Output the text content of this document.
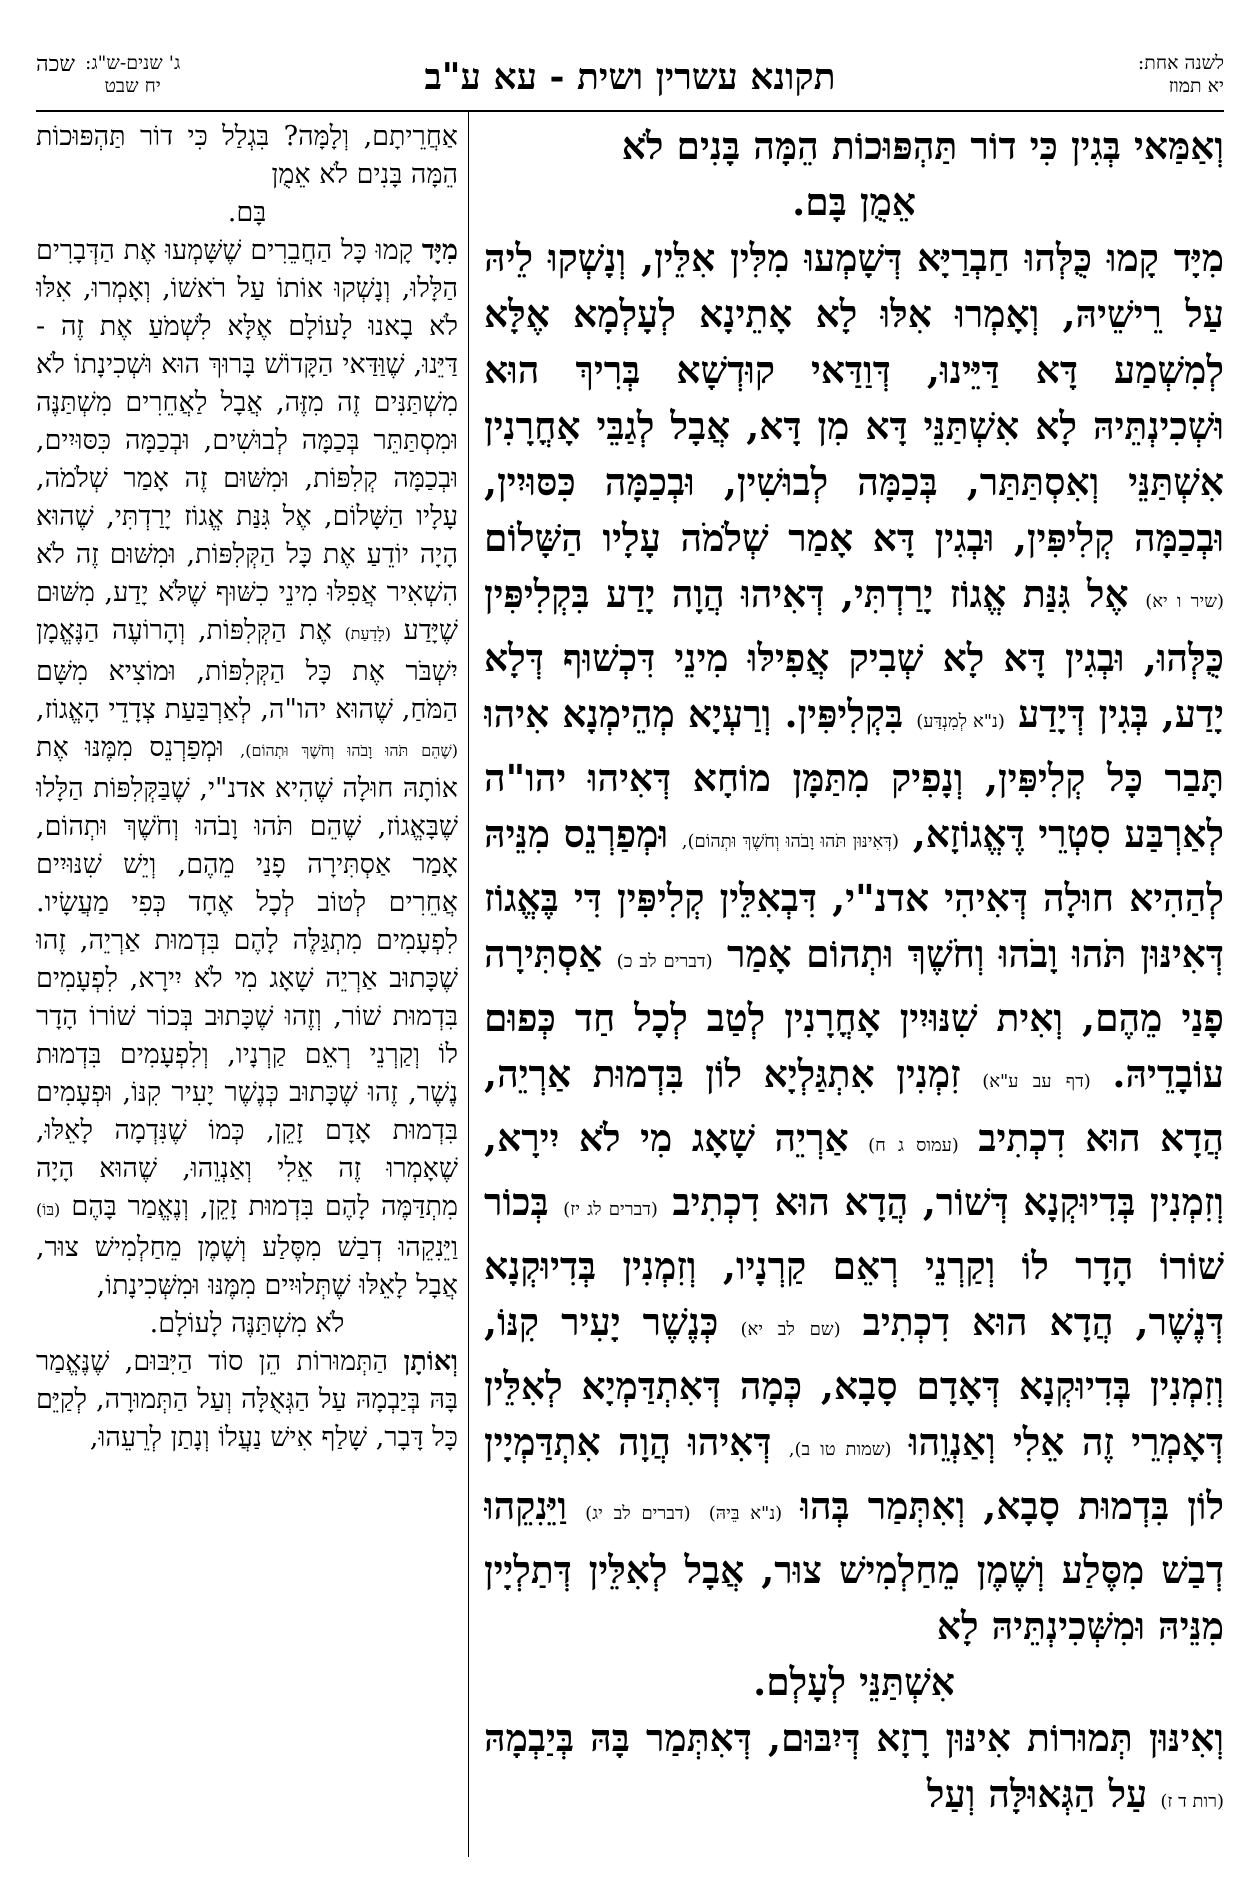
לשנה אחת:
יא תמוז
תקונא עשרין ושית - עא ע"ב
ג' שנים-ש"ג:
יח שבט
שכה

וְאַמַּאי בְּגִין כִּי דוֹר תַּהְפּוּכוֹת הֵמָּה בָּנִים לֹא

אֵמֻן בָּם.

מִיָּד קָמוּ כֻּלְּהוּ חַבְרַיָּא דְּשָׁמְעוּ מִלִּין אִלֵּין, וְנָשְׁקוּ לֵיהּ עַל רֵישֵׁיהּ, וְאָמְרוּ אִלּוּ לָא אָתֵינָא לְעָלְמָא אֶלָּא לְמִשְׁמַע דָּא דַּיֵּינוּ, דְּוַדַּאי קוּדְשָׁא בְּרִיךְ הוּא וּשְׁכִינְתֵּיהּ לָא אִשְׁתַּנֵּי דָּא מִן דָּא, אֲבָל לְגַבֵּי אָחֳרָנִין אִשְׁתַּנֵּי וְאִסְתַּתַּר, בְּכַמָּה לְבוּשִׁין, וּבְכַמָּה כִּסּוּיִין, וּבְכַמָּה קְלִיפִּין, וּבְגִין דָּא אָמַר שְׁלֹמֹה עָלָיו הַשָּׁלוֹם (שיר ו יא) אֶל גִּנַּת אֱגוֹז יָרַדְתִּי, דְּאִיהוּ הֲוָה יָדַע בִּקְלִיפִּין כֻּלְּהוּ, וּבְגִין דָּא לָא שְׁבִיק אֲפִילּוּ מִינֵי דִּכְשׁוּף דְּלָא יָדַע, בְּגִין דְּיָדַע (נ"א לְמִנְדַּע) בִּקְלִיפִּין. וְרַעְיָא מְהֵימְנָא אִיהוּ תָּבַר כָּל קְלִיפִּין, וְנָפִיק מִתַּמָּן מוֹחָא דְּאִיהוּ יהו"ה לְאַרְבַּע סִטְרֵי דֶּאֱגוֹזָא, (דְּאִינּוּן תֹּהוּ וָבֹהוּ וְחֹשֶׁךְ וּתְהוֹם), וּמְפַרְנֵס מִנֵּיהּ לְהַהִיא חוּלָה דְּאִיהִי אדנ"י, דִּבְאִלֵּין קְלִיפִּין דִּי בֶּאֱגוֹז דְּאִינּוּן תֹּהוּ וָבֹהוּ וְחֹשֶׁךְ וּתְהוֹם אָמַר (דברים לב כ) אַסְתִּירָה פָנַי מֵהֶם, וְאִית שִׁנּוּיִין אָחֳרָנִין לְטַב לְכָל חַד כְּפוּם עוֹבָדֵיהּ. (דף עב ע"א) זִמְנִין אִתְגַּלְיָא לוֹן בִּדְמוּת אַרְיֵה, הֲדָא הוּא דִכְתִיב (עמוס ג ח) אַרְיֵה שָׁאָג מִי לֹא יִירָא, וְזִמְנִין בְּדִיוּקְנָא דְּשׁוֹר, הֲדָא הוּא דִכְתִיב (דברים לג יז) בְּכוֹר שׁוֹרוֹ הָדָר לוֹ וְקַרְנֵי רְאֵם קַרְנָיו, וְזִמְנִין בְּדִיוּקְנָא דְּנֶשֶׁר, הֲדָא הוּא דִכְתִיב (שם לב יא) כְּנֶשֶׁר יָעִיר קִנּוֹ, וְזִמְנִין בְּדִיוּקְנָא דְּאָדָם סָבָא, כְּמָה דְּאִתְדַּמְיָא לְאִלֵּין דְּאָמְרֵי זֶה אֵלִי וְאַנְוֵהוּ (שמות טו ב), דְּאִיהוּ הֲוָה אִתְדַּמְיָין לוֹן בִּדְמוּת סָבָא, וְאִתְּמַר בְּהוּ (נ"א בֵּיהּ) (דברים לב יג) וַיֵּנִקֵהוּ דְבַשׁ מִסֶּלַע וְשֶׁמֶן מֵחַלְמִישׁ צוּר, אֲבָל לְאִלֵּין דְּתַלְיָין מִנֵּיהּ וּמִשְּׁכִינְתֵּיהּ לָא

אִשְׁתַּנֵּי לְעָלְם.

וְאִינּוּן תְּמוּרוֹת אִינּוּן רָזָא דְּיִבּוּם, דְּאִתְּמַר בָּהּ בְּיַבְמָהּ (רות ד ז) עַל הַגְּאוּלָּה וְעַל

אַחֲרֵיתָם, וְלָמָּה? בִּגְלַל כִּי דוֹר תַּהְפּוּכוֹת הֵמָּה בָּנִים לֹא אֵמֻן

בָּם.

מִיָּד קָמוּ כָּל הַחֲבֵרִים שֶׁשָּׁמְעוּ אֶת הַדְּבָרִים הַלָּלוּ, וְנָשְׁקוּ אוֹתוֹ עַל רֹאשׁוֹ, וְאָמְרוּ, אִלּוּ לֹא בָאנוּ לָעוֹלָם אֶלָּא לִשְׁמֹעַ אֶת זֶה - דַּיֵּנוּ, שֶׁוַּדַּאי הַקָּדוֹשׁ בָּרוּךְ הוּא וּשְׁכִינָתוֹ לֹא מִשְׁתַּנִּים זֶה מִזֶּה, אֲבָל לַאֲחֵרִים מִשְׁתַּנֶּה וּמִסְתַּתֵּר בְּכַמָּה לְבוּשִׁים, וּבְכַמָּה כִּסּוּיִים, וּבְכַמָּה קְלִפּוֹת, וּמִשּׁוּם זֶה אָמַר שְׁלֹמֹה, עָלָיו הַשָּׁלוֹם, אֶל גִּנַּת אֱגוֹז יָרַדְתִּי, שֶׁהוּא הָיָה יוֹדֵעַ אֶת כָּל הַקְּלִפּוֹת, וּמִשּׁוּם זֶה לֹא הִשְׁאִיר אֲפִלּוּ מִינֵי כִשּׁוּף שֶׁלֹּא יָדַע, מִשּׁוּם שֶׁיָּדַע (לָדַעַת) אֶת הַקְּלִפּוֹת, וְהָרוֹעֶה הַנֶּאֱמָן יִשְׁבֹּר אֶת כָּל הַקְּלִפּוֹת, וּמוֹצִיא מִשָּׁם הַמֹּחַ, שֶׁהוּא יהו"ה, לְאַרְבַּעַת צְדָדֵי הָאֱגוֹז, (שֶׁהֵם תֹּהוּ וָבֹהוּ וְחֹשֶׁךְ וּתְהוֹם), וּמְפַרְנֵס מִמֶּנּוּ אֶת אוֹתָהּ חוּלָה שֶׁהִיא אדנ"י, שֶׁבַּקְּלִפּוֹת הַלָּלוּ שֶׁבָּאֱגוֹז, שֶׁהֵם תֹּהוּ וָבֹהוּ וְחֹשֶׁךְ וּתְהוֹם, אָמַר אַסְתִּירָה פָנַי מֵהֶם, וְיֵשׁ שִׁנּוּיִים אֲחֵרִים לְטוֹב לְכָל אֶחָד כְּפִי מַעֲשָׂיו. לִפְעָמִים מִתְגַּלֶּה לָהֶם בִּדְמוּת אַרְיֵה, זֶהוּ שֶׁכָּתוּב אַרְיֵה שָׁאָג מִי לֹא יִירָא, לִפְעָמִים בִּדְמוּת שׁוֹר, וְזֶהוּ שֶׁכָּתוּב בְּכוֹר שׁוֹרוֹ הָדָר לוֹ וְקַרְנֵי רְאֵם קַרְנָיו, וְלִפְעָמִים בִּדְמוּת נֶשֶׁר, זֶהוּ שֶׁכָּתוּב כְּנֶשֶׁר יָעִיר קִנּוֹ, וּפְעָמִים בִּדְמוּת אָדָם זָקֵן, כְּמוֹ שֶׁנִּדְמָה לָאֵלּוּ, שֶׁאָמְרוּ זֶה אֵלִי וְאַנְוֵהוּ, שֶׁהוּא הָיָה מִתְדַּמֶּה לָהֶם בִּדְמוּת זָקֵן, וְנֶאֱמַר בָּהֶם (בּוֹ) וַיֵּנִקֵהוּ דְבַשׁ מִסֶּלַע וְשֶׁמֶן מֵחַלְמִישׁ צוּר, אֲבָל לָאֵלּוּ שֶׁתְּלוּיִים מִמֶּנּוּ וּמִשְּׁכִינָתוֹ,

לֹא מִשְׁתַּנֶּה לָעוֹלָם.

וְאוֹתָן הַתְּמוּרוֹת הֵן סוֹד הַיִּבּוּם, שֶׁנֶּאֱמַר בָּהּ בְּיַבְמָהּ עַל הַגְּאֻלָּה וְעַל הַתְּמוּרָה, לְקַיֵּם כָּל דָּבָר, שָׁלַף אִישׁ נַעֲלוֹ וְנָתַן לְרֵעֵהוּ,
